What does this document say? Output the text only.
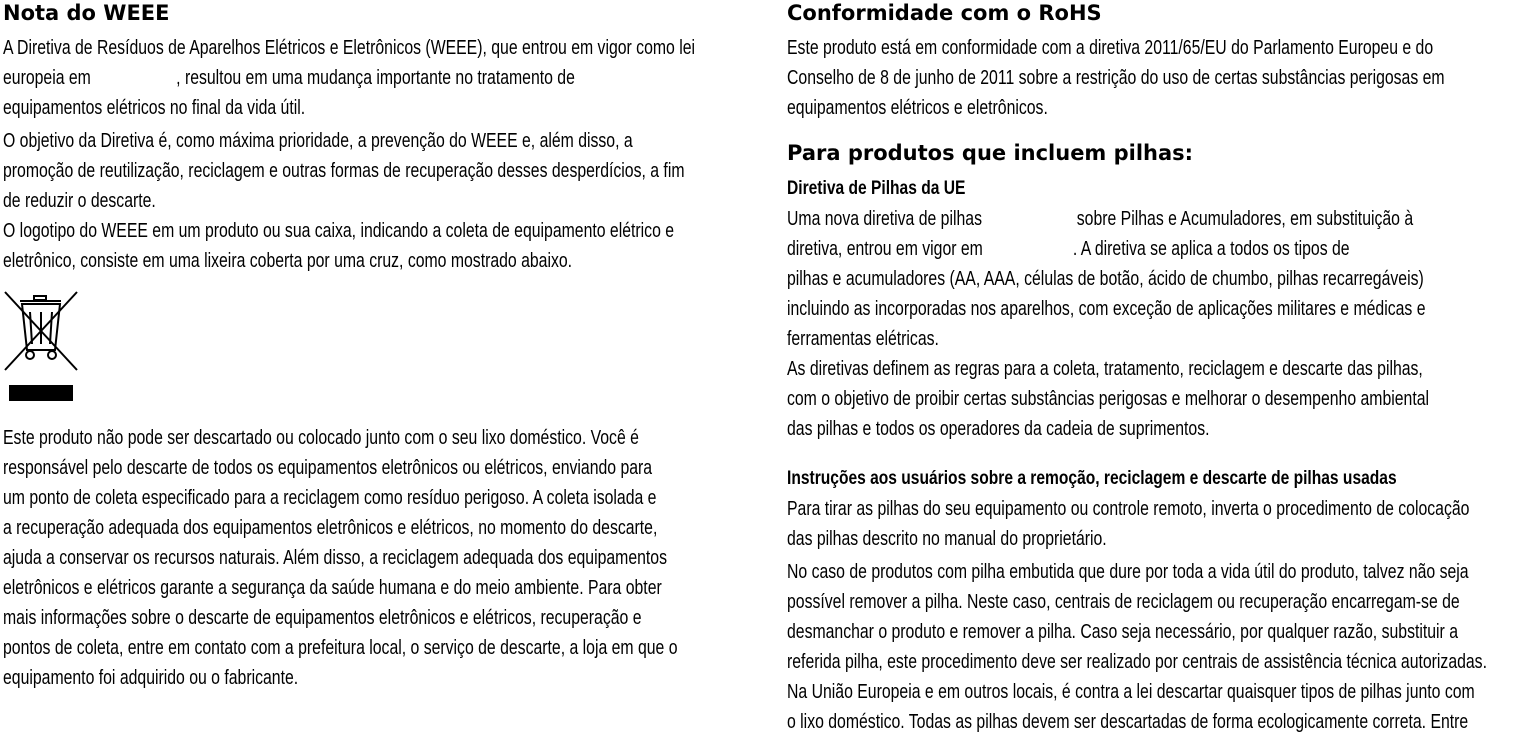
Nota do WEEE
A Diretiva de Resíduos de Aparelhos Elétricos e Eletrônicos (WEEE), que entrou em vigor como lei
europeia em	, resultou em uma mudança importante no tratamento de
equipamentos elétricos no final da vida útil.
O objetivo da Diretiva é, como máxima prioridade, a prevenção do WEEE e, além disso, a
promoção de reutilização, reciclagem e outras formas de recuperação desses desperdícios, a fim
de reduzir o descarte.
O logotipo do WEEE em um produto ou sua caixa, indicando a coleta de equipamento elétrico e
eletrônico, consiste em uma lixeira coberta por uma cruz, como mostrado abaixo.
Este produto não pode ser descartado ou colocado junto com o seu lixo doméstico. Você é
responsável pelo descarte de todos os equipamentos eletrônicos ou elétricos, enviando para
um ponto de coleta especificado para a reciclagem como resíduo perigoso. A coleta isolada e
a recuperação adequada dos equipamentos eletrônicos e elétricos, no momento do descarte,
ajuda a conservar os recursos naturais. Além disso, a reciclagem adequada dos equipamentos
eletrônicos e elétricos garante a segurança da saúde humana e do meio ambiente. Para obter
mais informações sobre o descarte de equipamentos eletrônicos e elétricos, recuperação e
pontos de coleta, entre em contato com a prefeitura local, o serviço de descarte, a loja em que o
equipamento foi adquirido ou o fabricante.
Conformidade com o RoHS
Este produto está em conformidade com a diretiva 2011/65/EU do Parlamento Europeu e do
Conselho de 8 de junho de 2011 sobre a restrição do uso de certas substâncias perigosas em
equipamentos elétricos e eletrônicos.
Para produtos que incluem pilhas:
Diretiva de Pilhas da UE
Uma nova diretiva de pilhas	sobre Pilhas e Acumuladores, em substituição à
diretiva, entrou em vigor em	. A diretiva se aplica a todos os tipos de
pilhas e acumuladores (AA, AAA, células de botão, ácido de chumbo, pilhas recarregáveis)
incluindo as incorporadas nos aparelhos, com exceção de aplicações militares e médicas e
ferramentas elétricas.
As diretivas definem as regras para a coleta, tratamento, reciclagem e descarte das pilhas,
com o objetivo de proibir certas substâncias perigosas e melhorar o desempenho ambiental
das pilhas e todos os operadores da cadeia de suprimentos.
Instruções aos usuários sobre a remoção, reciclagem e descarte de pilhas usadas
Para tirar as pilhas do seu equipamento ou controle remoto, inverta o procedimento de colocação
das pilhas descrito no manual do proprietário.
No caso de produtos com pilha embutida que dure por toda a vida útil do produto, talvez não seja
possível remover a pilha. Neste caso, centrais de reciclagem ou recuperação encarregam-se de
desmanchar o produto e remover a pilha. Caso seja necessário, por qualquer razão, substituir a
referida pilha, este procedimento deve ser realizado por centrais de assistência técnica autorizadas.
Na União Europeia e em outros locais, é contra a lei descartar quaisquer tipos de pilhas junto com
o lixo doméstico. Todas as pilhas devem ser descartadas de forma ecologicamente correta. Entre
